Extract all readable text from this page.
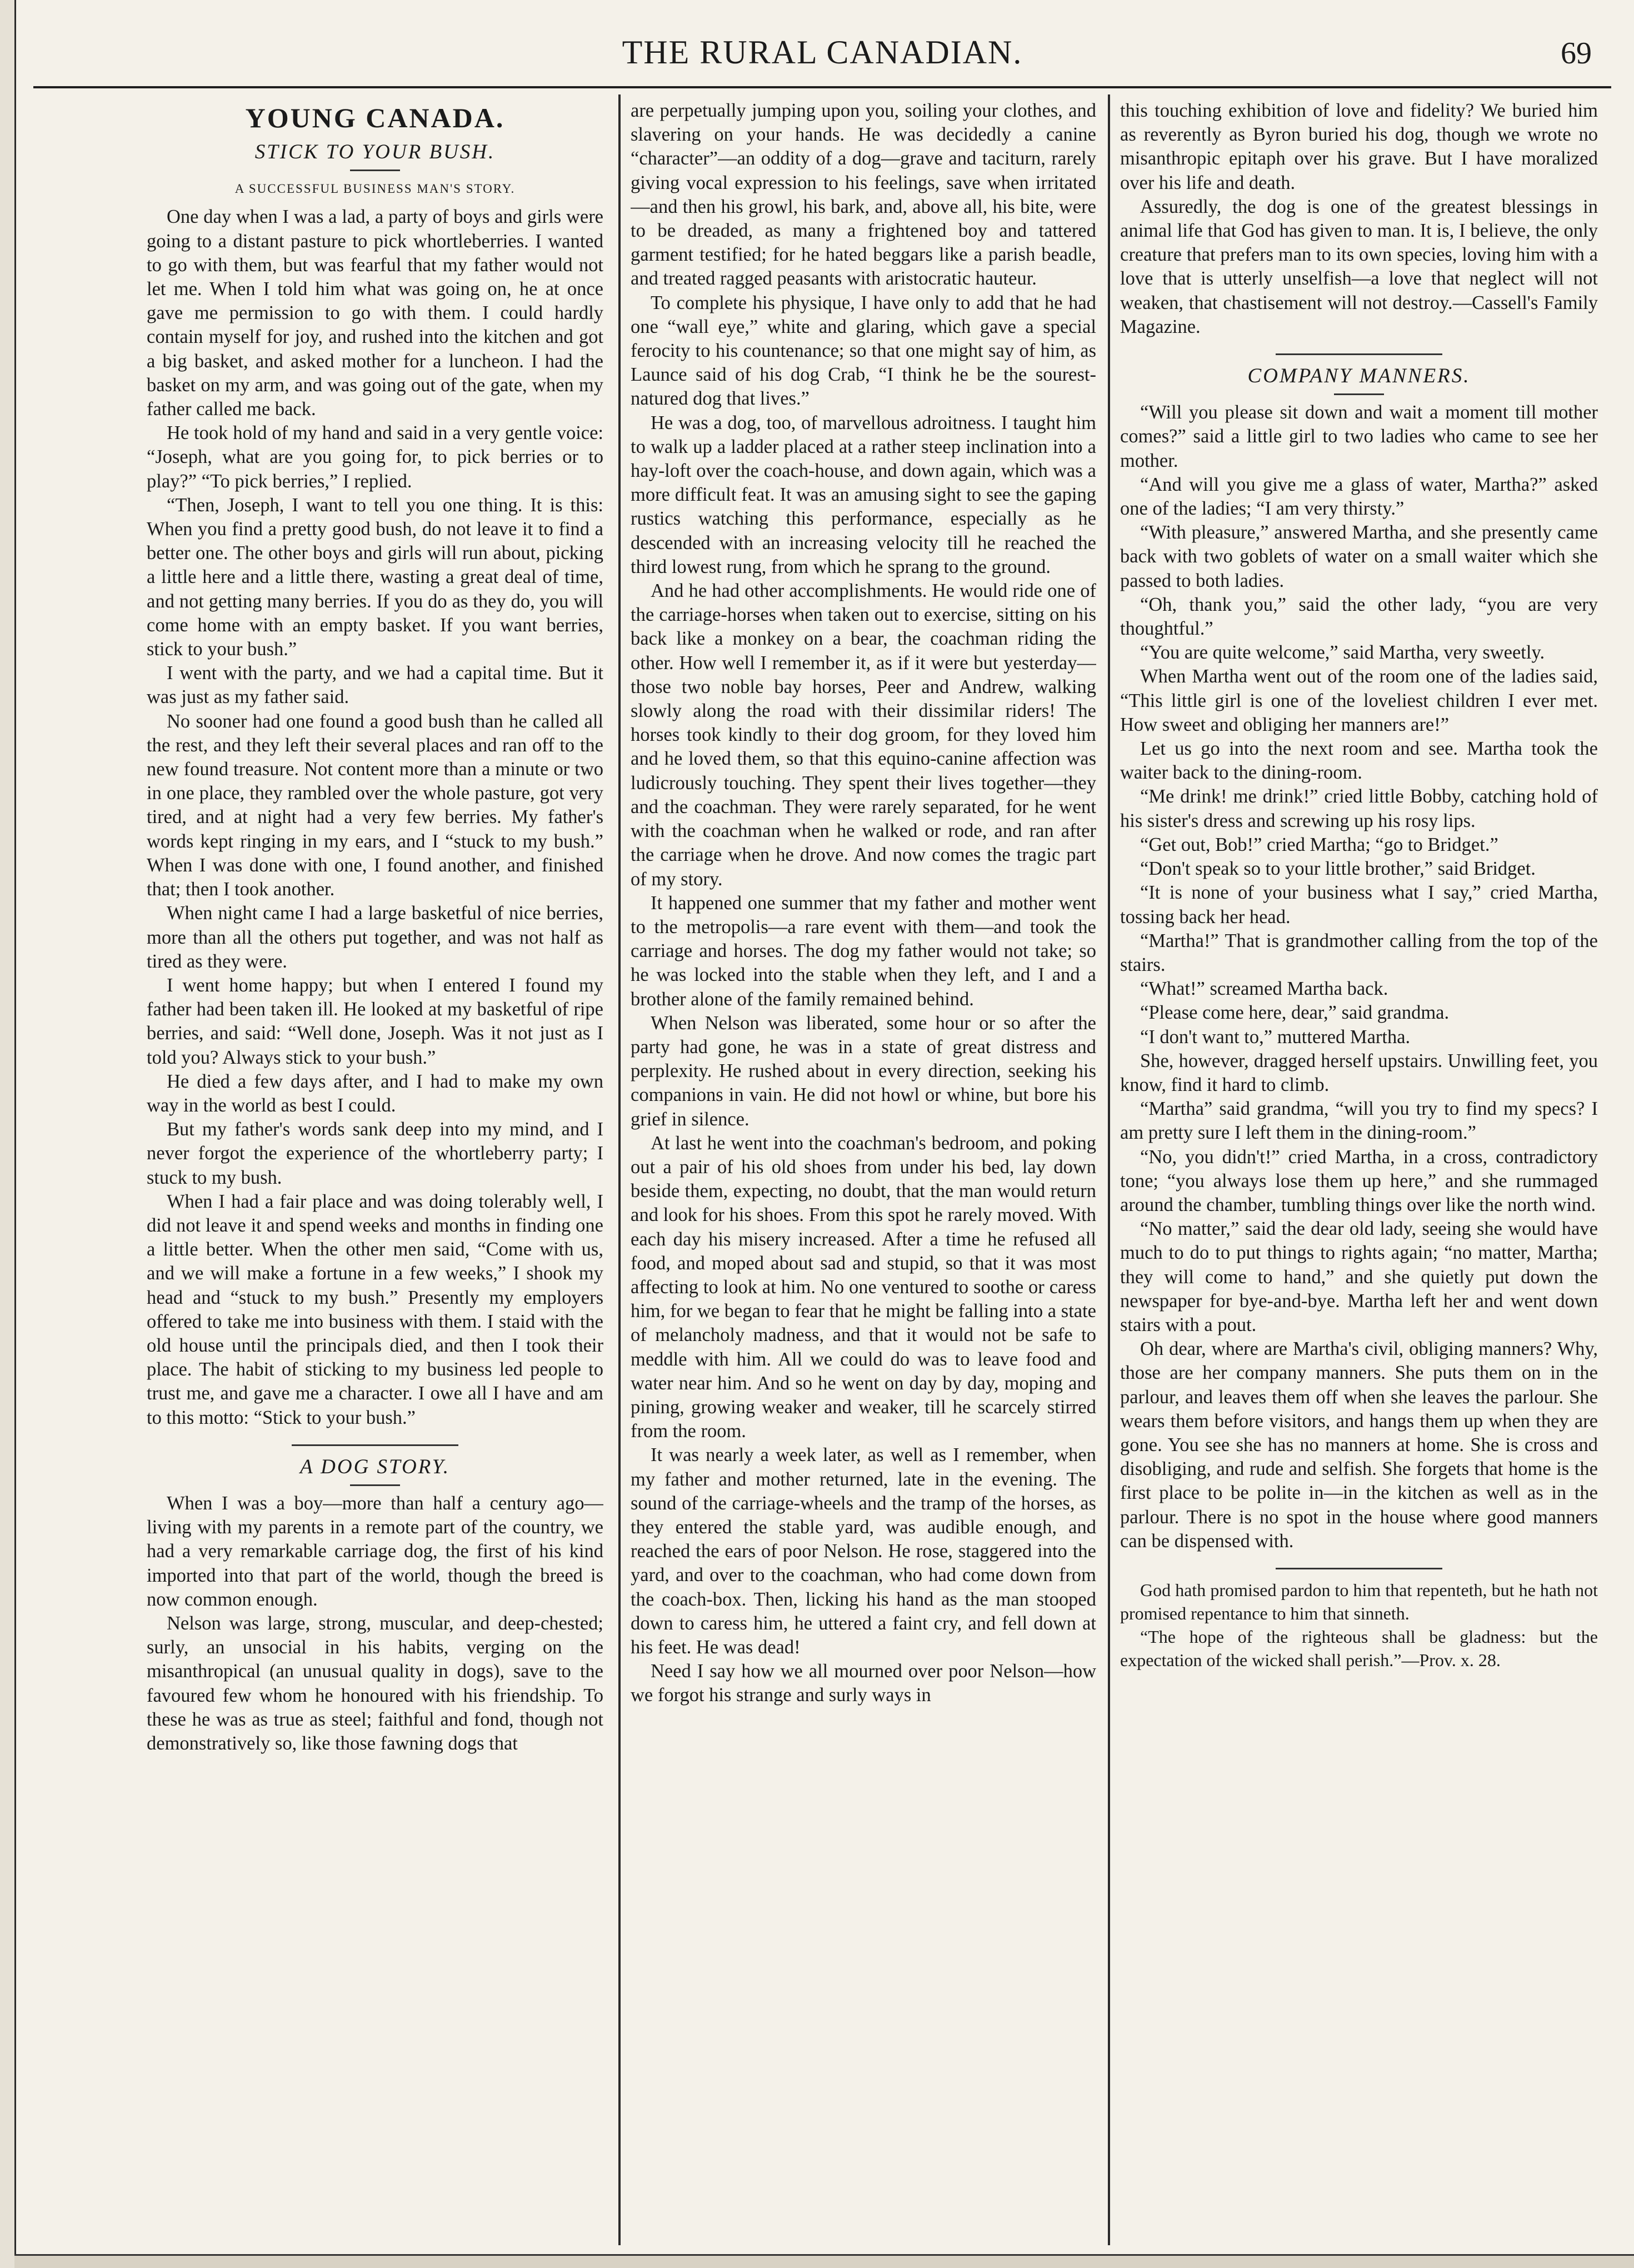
THE RURAL CANADIAN.	69
YOUNG CANADA.
STICK TO YOUR BUSH.
A SUCCESSFUL BUSINESS MAN'S STORY.

One day when I was a lad, a party of boys and girls were going to a distant pasture to pick whortleberries. I wanted to go with them, but was fearful that my father would not let me. When I told him what was going on, he at once gave me permission to go with them. I could hardly contain myself for joy, and rushed into the kitchen and got a big basket, and asked mother for a luncheon. I had the basket on my arm, and was going out of the gate, when my father called me back.

He took hold of my hand and said in a very gentle voice: “Joseph, what are you going for, to pick berries or to play?” “To pick berries,” I replied.

“Then, Joseph, I want to tell you one thing. It is this: When you find a pretty good bush, do not leave it to find a better one. The other boys and girls will run about, picking a little here and a little there, wasting a great deal of time, and not getting many berries. If you do as they do, you will come home with an empty basket. If you want berries, stick to your bush.”

I went with the party, and we had a capital time. But it was just as my father said.

No sooner had one found a good bush than he called all the rest, and they left their several places and ran off to the new found treasure. Not content more than a minute or two in one place, they rambled over the whole pasture, got very tired, and at night had a very few berries. My father's words kept ringing in my ears, and I “stuck to my bush.” When I was done with one, I found another, and finished that; then I took another.

When night came I had a large basketful of nice berries, more than all the others put together, and was not half as tired as they were.

I went home happy; but when I entered I found my father had been taken ill. He looked at my basketful of ripe berries, and said: “Well done, Joseph. Was it not just as I told you? Always stick to your bush.”

He died a few days after, and I had to make my own way in the world as best I could.

But my father's words sank deep into my mind, and I never forgot the experience of the whortleberry party; I stuck to my bush.

When I had a fair place and was doing tolerably well, I did not leave it and spend weeks and months in finding one a little better. When the other men said, “Come with us, and we will make a fortune in a few weeks,” I shook my head and “stuck to my bush.” Presently my employers offered to take me into business with them. I staid with the old house until the principals died, and then I took their place. The habit of sticking to my business led people to trust me, and gave me a character. I owe all I have and am to this motto: “Stick to your bush.”

A DOG STORY.

When I was a boy—more than half a century ago—living with my parents in a remote part of the country, we had a very remarkable carriage dog, the first of his kind imported into that part of the world, though the breed is now common enough.

Nelson was large, strong, muscular, and deep-chested; surly, an unsocial in his habits, verging on the misanthropical (an unusual quality in dogs), save to the favoured few whom he honoured with his friendship. To these he was as true as steel; faithful and fond, though not demonstratively so, like those fawning dogs that

are perpetually jumping upon you, soiling your clothes, and slavering on your hands. He was decidedly a canine “character”—an oddity of a dog—grave and taciturn, rarely giving vocal expression to his feelings, save when irritated—and then his growl, his bark, and, above all, his bite, were to be dreaded, as many a frightened boy and tattered garment testified; for he hated beggars like a parish beadle, and treated ragged peasants with aristocratic hauteur.

To complete his physique, I have only to add that he had one “wall eye,” white and glaring, which gave a special ferocity to his countenance; so that one might say of him, as Launce said of his dog Crab, “I think he be the sourest-natured dog that lives.”

He was a dog, too, of marvellous adroitness. I taught him to walk up a ladder placed at a rather steep inclination into a hay-loft over the coach-house, and down again, which was a more difficult feat. It was an amusing sight to see the gaping rustics watching this performance, especially as he descended with an increasing velocity till he reached the third lowest rung, from which he sprang to the ground.

And he had other accomplishments. He would ride one of the carriage-horses when taken out to exercise, sitting on his back like a monkey on a bear, the coachman riding the other. How well I remember it, as if it were but yesterday—those two noble bay horses, Peer and Andrew, walking slowly along the road with their dissimilar riders! The horses took kindly to their dog groom, for they loved him and he loved them, so that this equino-canine affection was ludicrously touching. They spent their lives together—they and the coachman. They were rarely separated, for he went with the coachman when he walked or rode, and ran after the carriage when he drove. And now comes the tragic part of my story.

It happened one summer that my father and mother went to the metropolis—a rare event with them—and took the carriage and horses. The dog my father would not take; so he was locked into the stable when they left, and I and a brother alone of the family remained behind.

When Nelson was liberated, some hour or so after the party had gone, he was in a state of great distress and perplexity. He rushed about in every direction, seeking his companions in vain. He did not howl or whine, but bore his grief in silence.

At last he went into the coachman's bedroom, and poking out a pair of his old shoes from under his bed, lay down beside them, expecting, no doubt, that the man would return and look for his shoes. From this spot he rarely moved. With each day his misery increased. After a time he refused all food, and moped about sad and stupid, so that it was most affecting to look at him. No one ventured to soothe or caress him, for we began to fear that he might be falling into a state of melancholy madness, and that it would not be safe to meddle with him. All we could do was to leave food and water near him. And so he went on day by day, moping and pining, growing weaker and weaker, till he scarcely stirred from the room.

It was nearly a week later, as well as I remember, when my father and mother returned, late in the evening. The sound of the carriage-wheels and the tramp of the horses, as they entered the stable yard, was audible enough, and reached the ears of poor Nelson. He rose, staggered into the yard, and over to the coachman, who had come down from the coach-box. Then, licking his hand as the man stooped down to caress him, he uttered a faint cry, and fell down at his feet. He was dead!

Need I say how we all mourned over poor Nelson—how we forgot his strange and surly ways in

this touching exhibition of love and fidelity? We buried him as reverently as Byron buried his dog, though we wrote no misanthropic epitaph over his grave. But I have moralized over his life and death.

Assuredly, the dog is one of the greatest blessings in animal life that God has given to man. It is, I believe, the only creature that prefers man to its own species, loving him with a love that is utterly unselfish—a love that neglect will not weaken, that chastisement will not destroy.—Cassell's Family Magazine.

COMPANY MANNERS.

“Will you please sit down and wait a moment till mother comes?” said a little girl to two ladies who came to see her mother.

“And will you give me a glass of water, Martha?” asked one of the ladies; “I am very thirsty.”

“With pleasure,” answered Martha, and she presently came back with two goblets of water on a small waiter which she passed to both ladies.

“Oh, thank you,” said the other lady, “you are very thoughtful.”

“You are quite welcome,” said Martha, very sweetly.

When Martha went out of the room one of the ladies said, “This little girl is one of the loveliest children I ever met. How sweet and obliging her manners are!”

Let us go into the next room and see. Martha took the waiter back to the dining-room.

“Me drink! me drink!” cried little Bobby, catching hold of his sister's dress and screwing up his rosy lips.

“Get out, Bob!” cried Martha; “go to Bridget.”

“Don't speak so to your little brother,” said Bridget.

“It is none of your business what I say,” cried Martha, tossing back her head.

“Martha!” That is grandmother calling from the top of the stairs.

“What!” screamed Martha back.

“Please come here, dear,” said grandma.

“I don't want to,” muttered Martha.

She, however, dragged herself upstairs. Unwilling feet, you know, find it hard to climb.

“Martha” said grandma, “will you try to find my specs? I am pretty sure I left them in the dining-room.”

“No, you didn't!” cried Martha, in a cross, contradictory tone; “you always lose them up here,” and she rummaged around the chamber, tumbling things over like the north wind.

“No matter,” said the dear old lady, seeing she would have much to do to put things to rights again; “no matter, Martha; they will come to hand,” and she quietly put down the newspaper for bye-and-bye. Martha left her and went down stairs with a pout.

Oh dear, where are Martha's civil, obliging manners? Why, those are her company manners. She puts them on in the parlour, and leaves them off when she leaves the parlour. She wears them before visitors, and hangs them up when they are gone. You see she has no manners at home. She is cross and disobliging, and rude and selfish. She forgets that home is the first place to be polite in—in the kitchen as well as in the parlour. There is no spot in the house where good manners can be dispensed with.

God hath promised pardon to him that repenteth, but he hath not promised repentance to him that sinneth.

“The hope of the righteous shall be gladness: but the expectation of the wicked shall perish.”—Prov. x. 28.
